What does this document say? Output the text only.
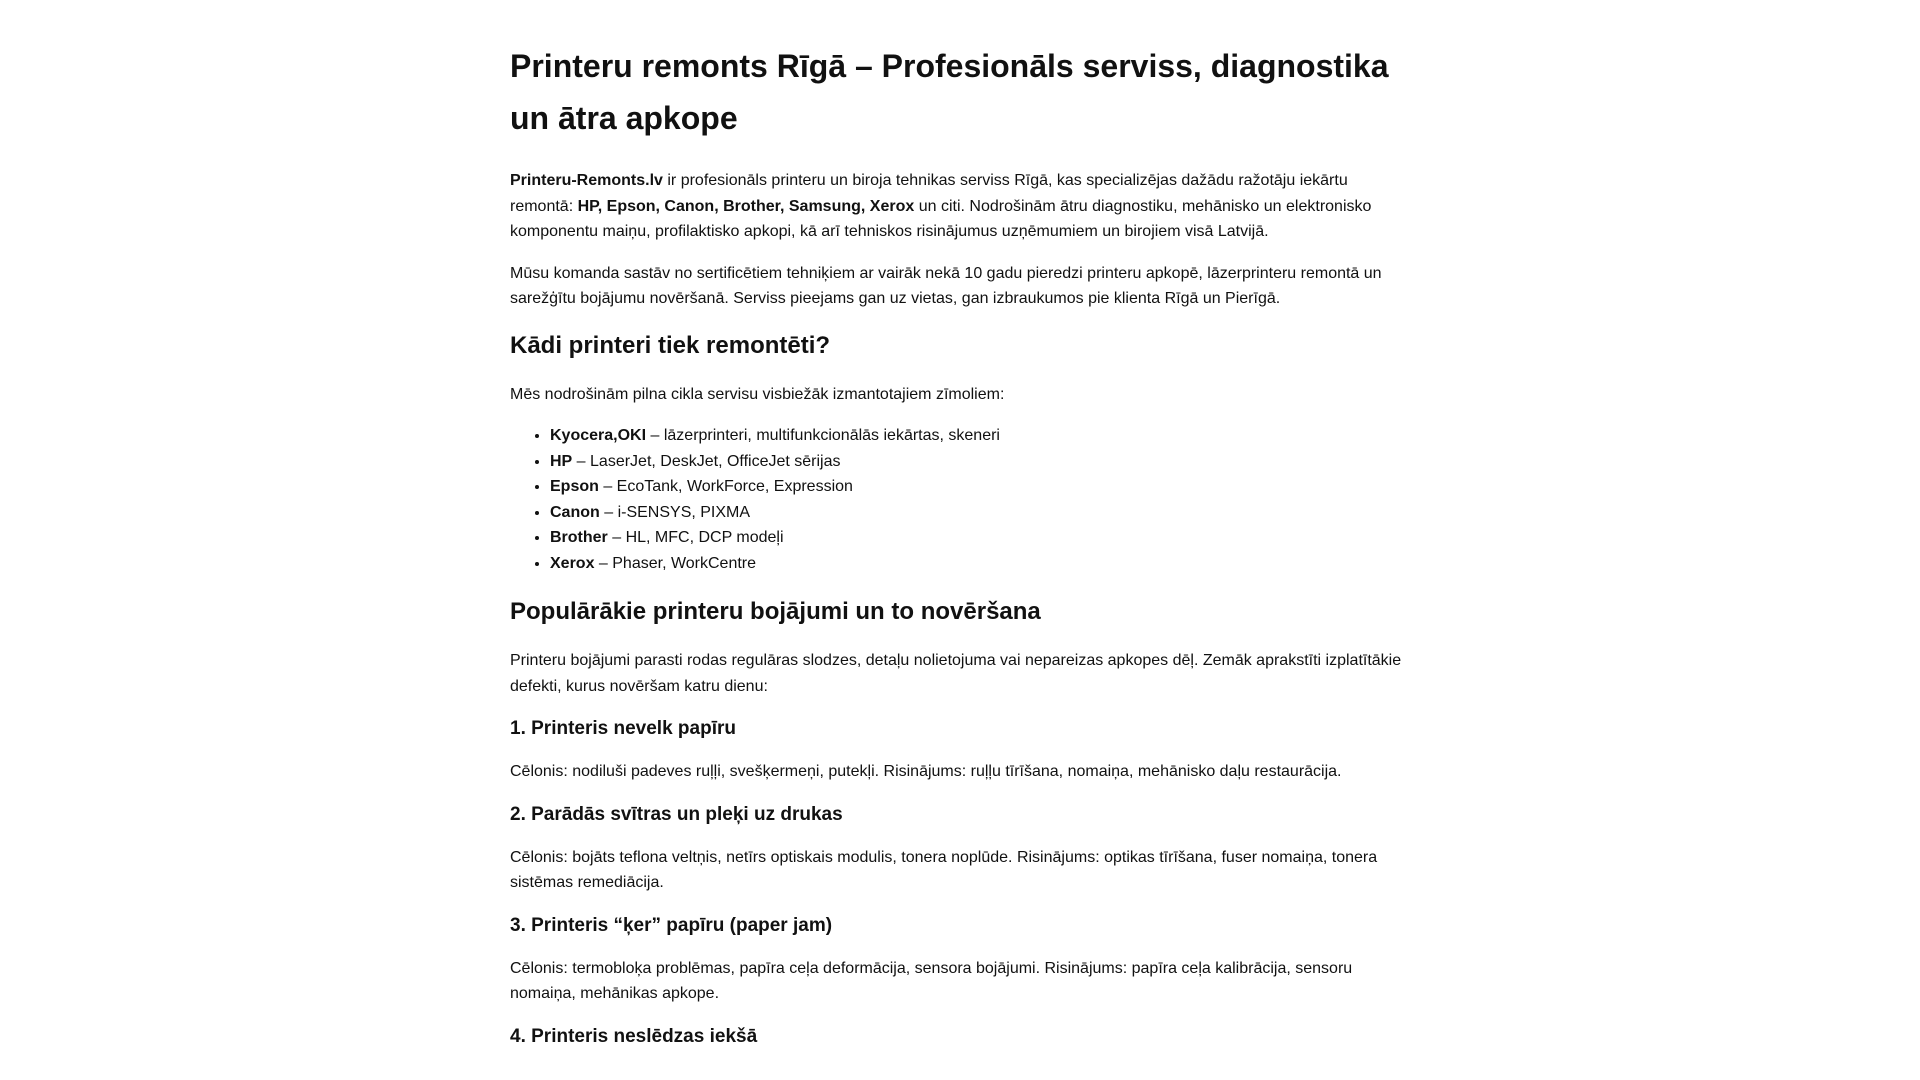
Printeru remonts Rīgā – Profesionāls serviss, diagnostika un ātra apkope

Printeru-Remonts.lv ir profesionāls printeru un biroja tehnikas serviss Rīgā, kas specializējas dažādu ražotāju iekārtu remontā: HP, Epson, Canon, Brother, Samsung, Xerox un citi. Nodrošinām ātru diagnostiku, mehānisko un elektronisko komponentu maiņu, profilaktisko apkopi, kā arī tehniskos risinājumus uzņēmumiem un birojiem visā Latvijā.

Mūsu komanda sastāv no sertificētiem tehniķiem ar vairāk nekā 10 gadu pieredzi printeru apkopē, lāzerprinteru remontā un sarežģītu bojājumu novēršanā. Serviss pieejams gan uz vietas, gan izbraukumos pie klienta Rīgā un Pierīgā.

Kādi printeri tiek remontēti?

Mēs nodrošinām pilna cikla servisu visbiežāk izmantotajiem zīmoliem:

• Kyocera,OKI – lāzerprinteri, multifunkcionālās iekārtas, skeneri
• HP – LaserJet, DeskJet, OfficeJet sērijas
• Epson – EcoTank, WorkForce, Expression
• Canon – i-SENSYS, PIXMA
• Brother – HL, MFC, DCP modeļi
• Xerox – Phaser, WorkCentre
Populārākie printeru bojājumi un to novēršana

Printeru bojājumi parasti rodas regulāras slodzes, detaļu nolietojuma vai nepareizas apkopes dēļ. Zemāk aprakstīti izplatītākie defekti, kurus novēršam katru dienu:

1. Printeris nevelk papīru

Cēlonis: nodiluši padeves ruļļi, svešķermeņi, putekļi. Risinājums: ruļļu tīrīšana, nomaiņa, mehānisko daļu restaurācija.

2. Parādās svītras un pleķi uz drukas

Cēlonis: bojāts teflona veltņis, netīrs optiskais modulis, tonera noplūde. Risinājums: optikas tīrīšana, fuser nomaiņa, tonera sistēmas remediācija.

3. Printeris “ķer” papīru (paper jam)

Cēlonis: termobloķa problēmas, papīra ceļa deformācija, sensora bojājumi. Risinājums: papīra ceļa kalibrācija, sensoru nomaiņa, mehānikas apkope.

4. Printeris neslēdzas iekšā
